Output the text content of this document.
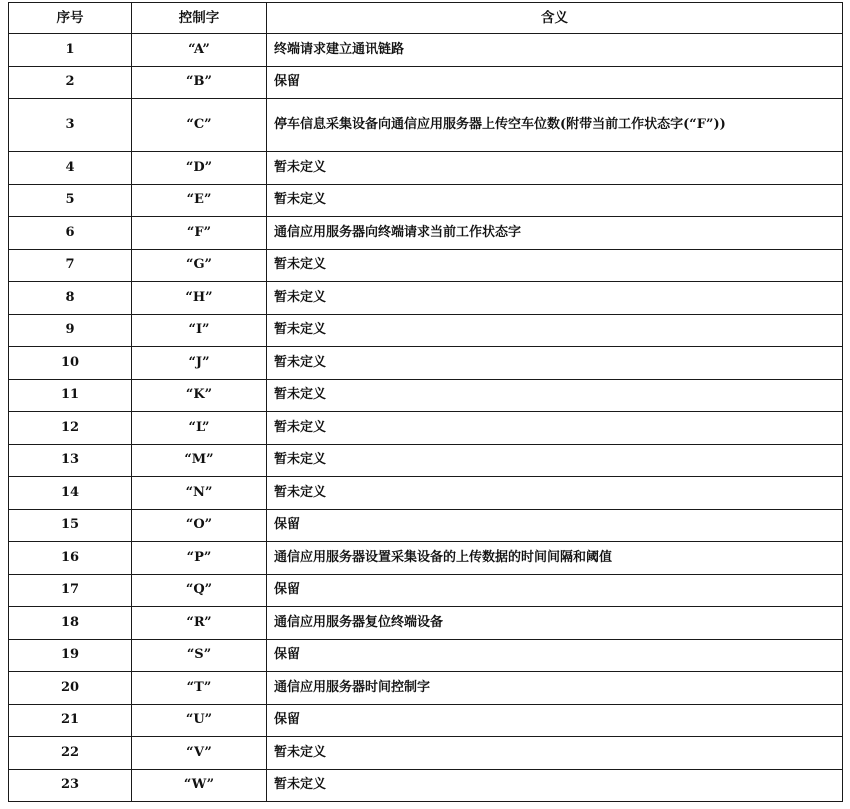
序号	控制字	含义
1	“A”	终端请求建立通讯链路
2	“B”	保留
3	“C”	停车信息采集设备向通信应用服务器上传空车位数(附带当前工作状态字(“F”))
4	“D”	暂未定义
5	“E”	暂未定义
6	“F”	通信应用服务器向终端请求当前工作状态字
7	“G”	暂未定义
8	“H”	暂未定义
9	“I”	暂未定义
10	“J”	暂未定义
11	“K”	暂未定义
12	“L”	暂未定义
13	“M”	暂未定义
14	“N”	暂未定义
15	“O”	保留
16	“P”	通信应用服务器设置采集设备的上传数据的时间间隔和阈值
17	“Q”	保留
18	“R”	通信应用服务器复位终端设备
19	“S”	保留
20	“T”	通信应用服务器时间控制字
21	“U”	保留
22	“V”	暂未定义
23	“W”	暂未定义
